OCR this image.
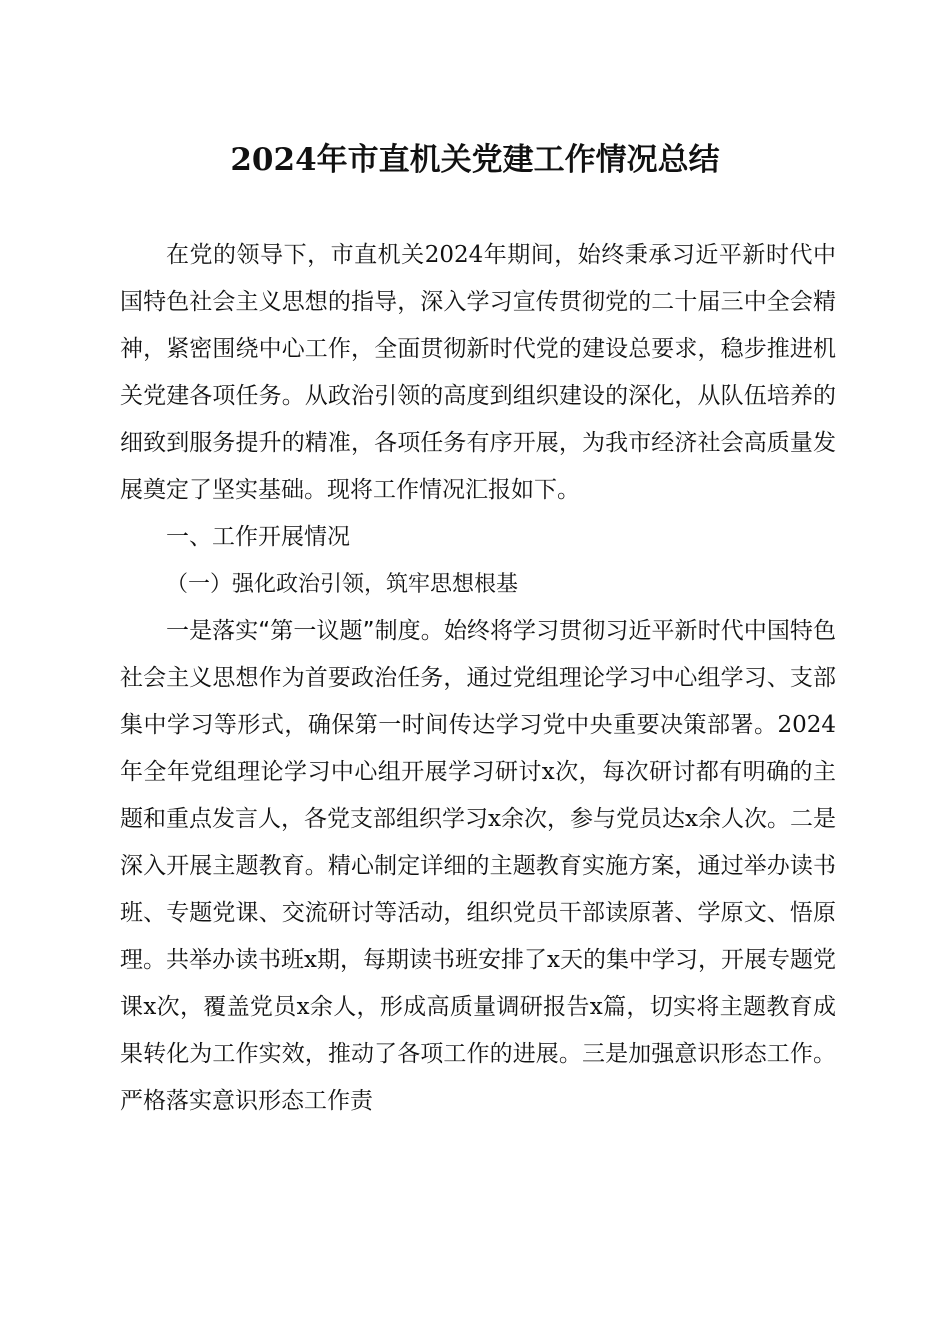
2024年市直机关党建工作情况总结

在党的领导下，市直机关2024年期间，始终秉承习近平新时代中国特色社会主义思想的指导，深入学习宣传贯彻党的二十届三中全会精神，紧密围绕中心工作，全面贯彻新时代党的建设总要求，稳步推进机关党建各项任务。从政治引领的高度到组织建设的深化，从队伍培养的细致到服务提升的精准，各项任务有序开展，为我市经济社会高质量发展奠定了坚实基础。现将工作情况汇报如下。

一、工作开展情况

（一）强化政治引领，筑牢思想根基

一是落实“第一议题”制度。始终将学习贯彻习近平新时代中国特色社会主义思想作为首要政治任务，通过党组理论学习中心组学习、支部集中学习等形式，确保第一时间传达学习党中央重要决策部署。2024年全年党组理论学习中心组开展学习研讨x次，每次研讨都有明确的主题和重点发言人，各党支部组织学习x余次，参与党员达x余人次。二是深入开展主题教育。精心制定详细的主题教育实施方案，通过举办读书班、专题党课、交流研讨等活动，组织党员干部读原著、学原文、悟原理。共举办读书班x期，每期读书班安排了x天的集中学习，开展专题党课x次，覆盖党员x余人，形成高质量调研报告x篇，切实将主题教育成果转化为工作实效，推动了各项工作的进展。三是加强意识形态工作。严格落实意识形态工作责
